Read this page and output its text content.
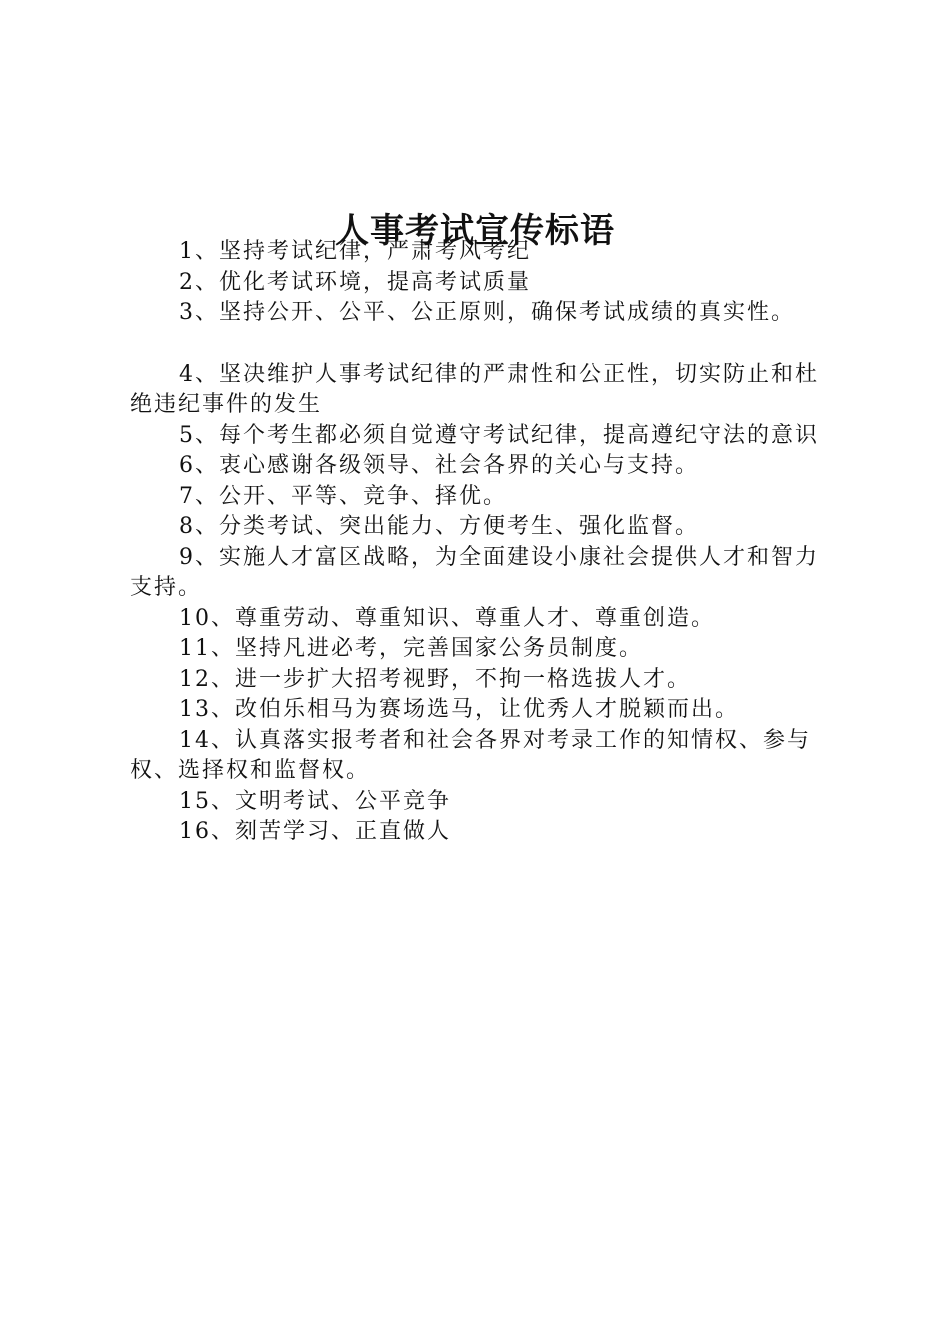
人事考试宣传标语

1、坚持考试纪律，严肃考风考纪

2、优化考试环境，提高考试质量

3、坚持公开、公平、公正原则，确保考试成绩的真实性。

4、坚决维护人事考试纪律的严肃性和公正性，切实防止和杜绝违纪事件的发生

5、每个考生都必须自觉遵守考试纪律，提高遵纪守法的意识

6、衷心感谢各级领导、社会各界的关心与支持。

7、公开、平等、竞争、择优。

8、分类考试、突出能力、方便考生、强化监督。

9、实施人才富区战略，为全面建设小康社会提供人才和智力支持。

10、尊重劳动、尊重知识、尊重人才、尊重创造。

11、坚持凡进必考，完善国家公务员制度。

12、进一步扩大招考视野，不拘一格选拔人才。

13、改伯乐相马为赛场选马，让优秀人才脱颖而出。

14、认真落实报考者和社会各界对考录工作的知情权、参与权、选择权和监督权。

15、文明考试、公平竞争

16、刻苦学习、正直做人
